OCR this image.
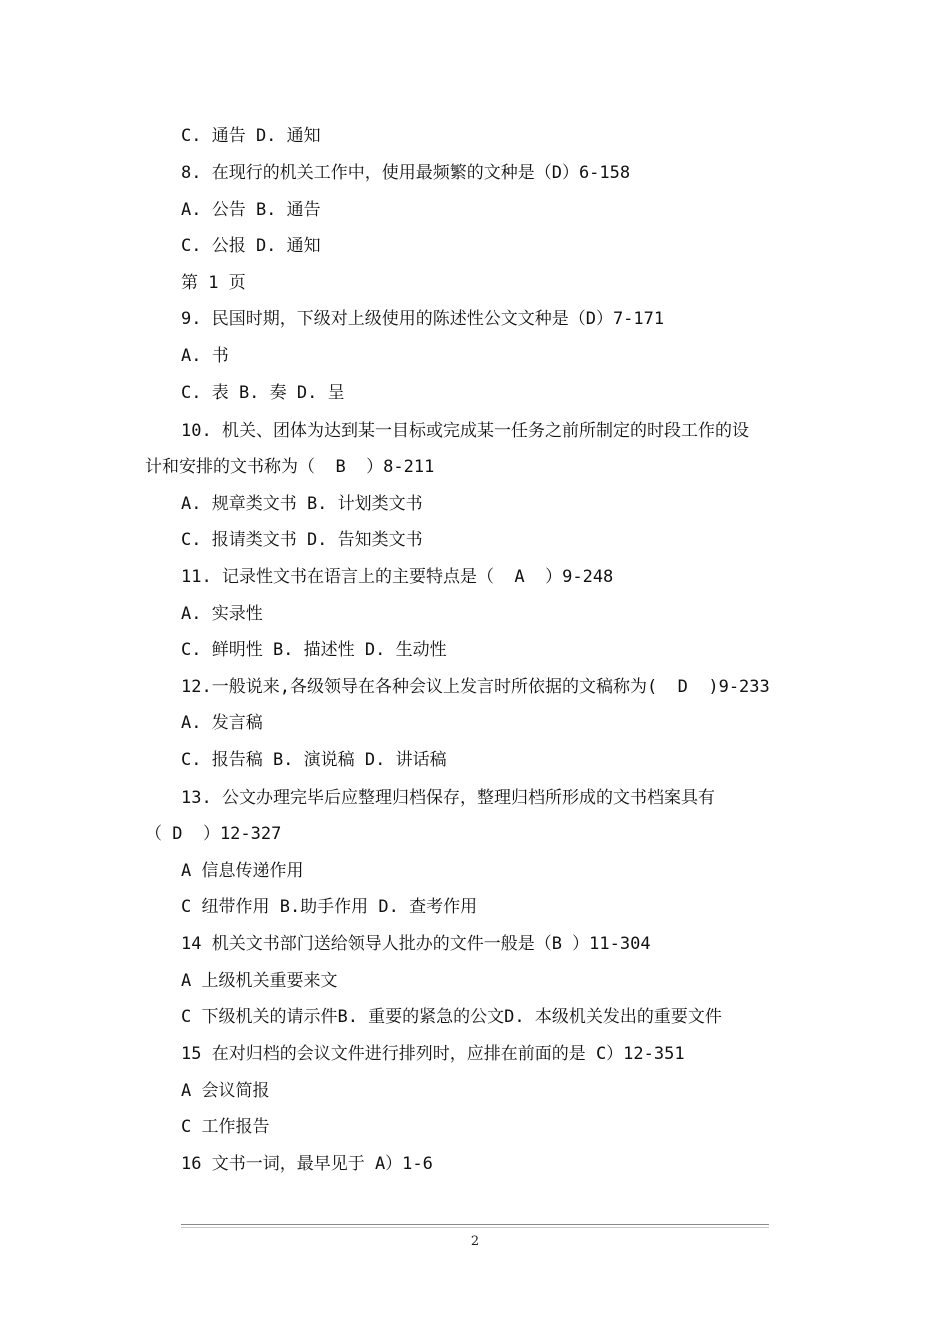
C. 通告 D. 通知
8. 在现行的机关工作中，使用最频繁的文种是（D）6-158
A. 公告 B. 通告
C. 公报 D. 通知
第 1 页
9. 民国时期，下级对上级使用的陈述性公文文种是（D）7-171
A. 书
C. 表 B. 奏 D. 呈
10. 机关、团体为达到某一目标或完成某一任务之前所制定的时段工作的设
计和安排的文书称为（  B  ）8-211
A. 规章类文书 B. 计划类文书
C. 报请类文书 D. 告知类文书
11. 记录性文书在语言上的主要特点是（  A  ）9-248
A. 实录性
C. 鲜明性 B. 描述性 D. 生动性
12.一般说来,各级领导在各种会议上发言时所依据的文稿称为(  D  )9-233
A. 发言稿
C. 报告稿 B. 演说稿 D. 讲话稿
13. 公文办理完毕后应整理归档保存，整理归档所形成的文书档案具有
（ D  ）12-327
A 信息传递作用
C 纽带作用 B.助手作用 D. 查考作用
14 机关文书部门送给领导人批办的文件一般是（B ）11-304
A 上级机关重要来文
C 下级机关的请示件B. 重要的紧急的公文D. 本级机关发出的重要文件
15 在对归档的会议文件进行排列时，应排在前面的是 C）12-351
A 会议简报
C 工作报告
16 文书一词，最早见于 A）1-6
2
